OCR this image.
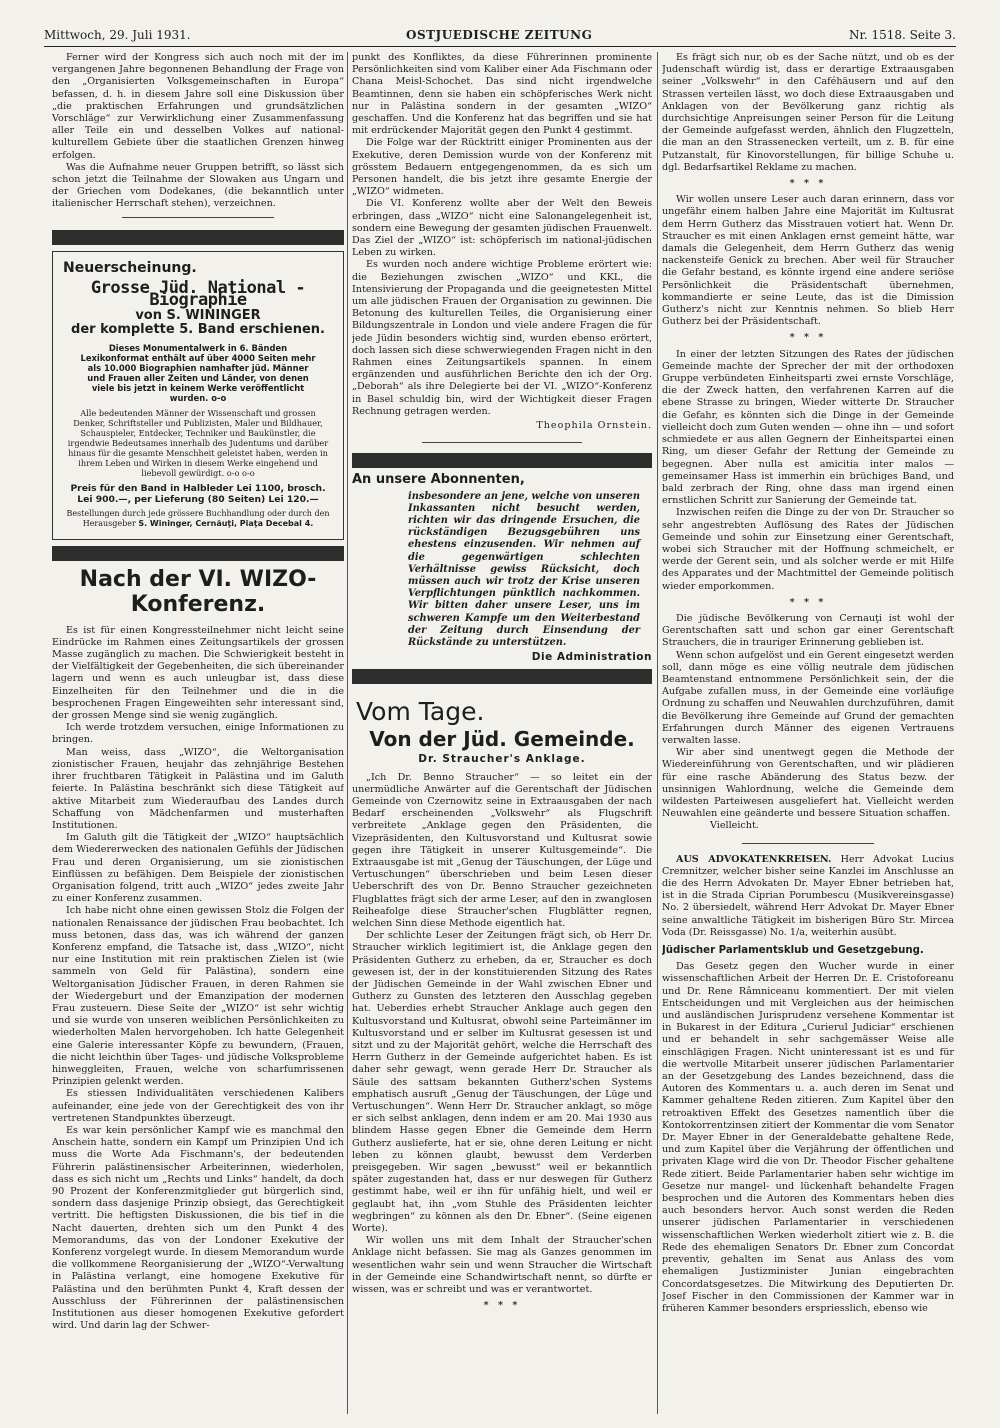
Mittwoch, 29. Juli 1931.	OSTJUEDISCHE ZEITUNG	Nr. 1518. Seite 3.

Ferner wird der Kongress sich auch noch mit der im vergangenen Jahre begonnenen Behandlung der Frage von den „Organisierten Volksgemeinschaften in Europa“ befassen, d. h. in diesem Jahre soll eine Diskussion über „die praktischen Erfahrungen und grundsätzlichen Vorschläge“ zur Verwirklichung einer Zusammenfassung aller Teile ein und desselben Volkes auf national-kulturellem Gebiete über die staatlichen Grenzen hinweg erfolgen.

Was die Aufnahme neuer Gruppen betrifft, so lässt sich schon jetzt die Teilnahme der Slowaken aus Ungarn und der Griechen vom Dodekanes, (die bekanntlich unter italienischer Herrschaft stehen), verzeichnen.

Neuerscheinung.
Grosse Jüd. National - Biographie
von S. WININGER
der komplette 5. Band erschienen.
Dieses Monumentalwerk in 6. Bänden Lexikonformat enthält auf über 4000 Seiten mehr als 10.000 Biographien namhafter jüd. Männer und Frauen aller Zeiten und Länder, von denen viele bis jetzt in keinem Werke veröffentlicht wurden. o-o
Alle bedeutenden Männer der Wissenschaft und grossen Denker, Schriftsteller und Publizisten, Maler und Bildhauer, Schauspieler, Entdecker, Techniker und Baukünstler, die irgendwie Bedeutsames innerhalb des Judentums und darüber hinaus für die gesamte Menschheit geleistet haben, werden in ihrem Leben und Wirken in diesem Werke eingehend und liebevoll gewürdigt. o-o o-o
Preis für den Band in Halbleder Lei 1100, brosch. Lei 900.—, per Lieferung (80 Seiten) Lei 120.—
Bestellungen durch jede grössere Buchhandlung oder durch den Herausgeber S. Wininger, Cernăuţi, Piaţa Decebal 4.
Nach der VI. WIZO-Konferenz.

Es ist für einen Kongressteilnehmer nicht leicht seine Eindrücke im Rahmen eines Zeitungsartikels der grossen Masse zugänglich zu machen. Die Schwierigkeit besteht in der Vielfältigkeit der Gegebenheiten, die sich übereinander lagern und wenn es auch unleugbar ist, dass diese Einzelheiten für den Teilnehmer und die in die besprochenen Fragen Eingeweihten sehr interessant sind, der grossen Menge sind sie wenig zugänglich.

Ich werde trotzdem versuchen, einige Informationen zu bringen.

Man weiss, dass „WIZO“, die Weltorganisation zionistischer Frauen, heujahr das zehnjährige Bestehen ihrer fruchtbaren Tätigkeit in Palästina und im Galuth feierte. In Palästina beschränkt sich diese Tätigkeit auf aktive Mitarbeit zum Wiederaufbau des Landes durch Schaffung von Mädchenfarmen und musterhaften Institutionen.

Im Galuth gilt die Tätigkeit der „WIZO“ hauptsächlich dem Wiedererwecken des nationalen Gefühls der Jüdischen Frau und deren Organisierung, um sie zionistischen Einflüssen zu befähigen. Dem Beispiele der zionistischen Organisation folgend, tritt auch „WIZO“ jedes zweite Jahr zu einer Konferenz zusammen.

Ich habe nicht ohne einen gewissen Stolz die Folgen der nationalen Renaissance der jüdischen Frau beobachtet. Ich muss betonen, dass das, was ich während der ganzen Konferenz empfand, die Tatsache ist, dass „WIZO“, nicht nur eine Institution mit rein praktischen Zielen ist (wie sammeln von Geld für Palästina), sondern eine Weltorganisation Jüdischer Frauen, in deren Rahmen sie der Wiedergeburt und der Emanzipation der modernen Frau zusteuern. Diese Seite der „WIZO“ ist sehr wichtig und sie wurde von unseren weiblichen Persönlichkeiten zu wiederholten Malen hervorgehoben. Ich hatte Gelegenheit eine Galerie interessanter Köpfe zu bewundern, (Frauen, die nicht leichthin über Tages- und jüdische Volksprobleme hinweggleiten, Frauen, welche von scharfumrissenen Prinzipien gelenkt werden.

Es stiessen Individualitäten verschiedenen Kalibers aufeinander, eine jede von der Gerechtigkeit des von ihr vertretenen Standpunktes überzeugt.

Es war kein persönlicher Kampf wie es manchmal den Anschein hatte, sondern ein Kampf um Prinzipien Und ich muss die Worte Ada Fischmann's, der bedeutenden Führerin palästinensischer Arbeiterinnen, wiederholen, dass es sich nicht um „Rechts und Links“ handelt, da doch 90 Prozent der Konferenzmitglieder gut bürgerlich sind, sondern dass dasjenige Prinzip obsiegt, das Gerechtigkeit vertritt. Die heftigsten Diskussionen, die bis tief in die Nacht dauerten, drehten sich um den Punkt 4 des Memorandums, das von der Londoner Exekutive der Konferenz vorgelegt wurde. In diesem Memorandum wurde die vollkommene Reorganisierung der „WIZO“-Verwaltung in Palästina verlangt, eine homogene Exekutive für Palästina und den berühmten Punkt 4, Kraft dessen der Ausschluss der Führerinnen der palästinensischen Institutionen aus dieser homogenen Exekutive gefordert wird. Und darin lag der Schwer-

punkt des Konfliktes, da diese Führerinnen prominente Persönlichkeiten sind vom Kaliber einer Ada Fischmann oder Chana Meisl-Schochet. Das sind nicht irgendwelche Beamtinnen, denn sie haben ein schöpferisches Werk nicht nur in Palästina sondern in der gesamten „WIZO“ geschaffen. Und die Konferenz hat das begriffen und sie hat mit erdrückender Majorität gegen den Punkt 4 gestimmt.

Die Folge war der Rücktritt einiger Prominenten aus der Exekutive, deren Demission wurde von der Konferenz mit grösstem Bedauern entgegengenommen, da es sich um Personen handelt, die bis jetzt ihre gesamte Energie der „WIZO“ widmeten.

Die VI. Konferenz wollte aber der Welt den Beweis erbringen, dass „WIZO“ nicht eine Salonangelegenheit ist, sondern eine Bewegung der gesamten jüdischen Frauenwelt. Das Ziel der „WIZO“ ist: schöpferisch im national-jüdischen Leben zu wirken.

Es wurden noch andere wichtige Probleme erörtert wie: die Beziehungen zwischen „WIZO“ und KKL, die Intensivierung der Propaganda und die geeignetesten Mittel um alle jüdischen Frauen der Organisation zu gewinnen. Die Betonung des kulturellen Teiles, die Organisierung einer Bildungszentrale in London und viele andere Fragen die für jede Jüdin besonders wichtig sind, wurden ebenso erörtert, doch lassen sich diese schwerwiegenden Fragen nicht in den Rahmen eines Zeitungsartikels spannen. In einem ergänzenden und ausführlichen Berichte den ich der Org. „Deborah“ als ihre Delegierte bei der VI. „WIZO“-Konferenz in Basel schuldig bin, wird der Wichtigkeit dieser Fragen Rechnung getragen werden.

Theophila Ornstein.
An unsere Abonnenten,
insbesondere an jene, welche von unseren Inkassanten nicht besucht werden, richten wir das dringende Ersuchen, die rückständigen Bezugsgebühren uns ehestens einzusenden. Wir nehmen auf die gegenwärtigen schlechten Verhältnisse gewiss Rücksicht, doch müssen auch wir trotz der Krise unseren Verpflichtungen pünktlich nachkommen. Wir bitten daher unsere Leser, uns im schweren Kampfe um den Weiterbestand der Zeitung durch Einsendung der Rückstände zu unterstützen.
Die Administration
Vom Tage.
Von der Jüd. Gemeinde.
Dr. Straucher's Anklage.

„Ich Dr. Benno Straucher“ — so leitet ein der unermüdliche Anwärter auf die Gerentschaft der Jüdischen Gemeinde von Czernowitz seine in Extraausgaben der nach Bedarf erscheinenden „Volkswehr“ als Flugschrift verbreitete „Anklage gegen den Präsidenten, die Vizepräsidenten, den Kultusvorstand und Kultusrat sowie gegen ihre Tätigkeit in unserer Kultusgemeinde“. Die Extraausgabe ist mit „Genug der Täuschungen, der Lüge und Vertuschungen“ überschrieben und beim Lesen dieser Ueberschrift des von Dr. Benno Straucher gezeichneten Flugblattes frägt sich der arme Leser, auf den in zwanglosen Reiheafolge diese Straucher'schen Flugblätter regnen, welchen Sinn diese Methode eigentlich hat.

Der schlichte Leser der Zeitungen frägt sich, ob Herr Dr. Straucher wirklich legitimiert ist, die Anklage gegen den Präsidenten Gutherz zu erheben, da er, Straucher es doch gewesen ist, der in der konstituierenden Sitzung des Rates der Jüdischen Gemeinde in der Wahl zwischen Ebner und Gutherz zu Gunsten des letzteren den Ausschlag gegeben hat. Ueberdies erhebt Straucher Anklage auch gegen den Kultusvorstand und Kultusrat, obwohl seine Parteimänner im Kultusvorstand und er selber im Kultusrat gesessen ist und sitzt und zu der Majorität gehört, welche die Herrschaft des Herrn Gutherz in der Gemeinde aufgerichtet haben. Es ist daher sehr gewagt, wenn gerade Herr Dr. Straucher als Säule des sattsam bekannten Gutherz'schen Systems emphatisch ausruft „Genug der Täuschungen, der Lüge und Vertuschungen“. Wenn Herr Dr. Straucher anklagt, so möge er sich selbst anklagen, denn indem er am 20. Mai 1930 aus blindem Hasse gegen Ebner die Gemeinde dem Herrn Gutherz auslieferte, hat er sie, ohne deren Leitung er nicht leben zu können glaubt, bewusst dem Verderben preisgegeben. Wir sagen „bewusst“ weil er bekanntlich später zugestanden hat, dass er nur deswegen für Gutherz gestimmt habe, weil er ihn für unfähig hielt, und weil er geglaubt hat, ihn „vom Stuhle des Präsidenten leichter wegbringen“ zu können als den Dr. Ebner“. (Seine eigenen Worte).

Wir wollen uns mit dem Inhalt der Straucher'schen Anklage nicht befassen. Sie mag als Ganzes genommen im wesentlichen wahr sein und wenn Straucher die Wirtschaft in der Gemeinde eine Schandwirtschaft nennt, so dürfte er wissen, was er schreibt und was er verantwortet.

* * *

Es frägt sich nur, ob es der Sache nützt, und ob es der Judenschaft würdig ist, dass er derartige Extraausgaben seiner „Volkswehr“ in den Caféhäusern und auf den Strassen verteilen lässt, wo doch diese Extraausgaben und Anklagen von der Bevölkerung ganz richtig als durchsichtige Anpreisungen seiner Person für die Leitung der Gemeinde aufgefasst werden, ähnlich den Flugzetteln, die man an den Strassenecken verteilt, um z. B. für eine Putzanstalt, für Kinovorstellungen, für billige Schuhe u. dgl. Bedarfsartikel Reklame zu machen.

* * *

Wir wollen unsere Leser auch daran erinnern, dass vor ungefähr einem halben Jahre eine Majorität im Kultusrat dem Herrn Gutherz das Misstrauen votiert hat. Wenn Dr. Straucher es mit einen Anklagen ernst gemeint hätte, war damals die Gelegenheit, dem Herrn Gutherz das wenig nackensteife Genick zu brechen. Aber weil für Straucher die Gefahr bestand, es könnte irgend eine andere seriöse Persönlichkeit die Präsidentschaft übernehmen, kommandierte er seine Leute, das ist die Dimission Gutherz's nicht zur Kenntnis nehmen. So blieb Herr Gutherz bei der Präsidentschaft.

* * *

In einer der letzten Sitzungen des Rates der jüdischen Gemeinde machte der Sprecher der mit der orthodoxen Gruppe verbündeten Einheitsparti zwei ernste Vorschläge, die der Zweck hatten, den verfahrenen Karren auf die ebene Strasse zu bringen, Wieder witterte Dr. Straucher die Gefahr, es könnten sich die Dinge in der Gemeinde vielleicht doch zum Guten wenden — ohne ihn — und sofort schmiedete er aus allen Gegnern der Einheitspartei einen Ring, um dieser Gefahr der Rettung der Gemeinde zu begegnen. Aber nulla est amicitia inter malos — gemeinsamer Hass ist immerhin ein brüchiges Band, und bald zerbrach der Ring, ohne dass man irgend einen ernstlichen Schritt zur Sanierung der Gemeinde tat.

Inzwischen reifen die Dinge zu der von Dr. Straucher so sehr angestrebten Auflösung des Rates der Jüdischen Gemeinde und sohin zur Einsetzung einer Gerentschaft, wobei sich Straucher mit der Hoffnung schmeichelt, er werde der Gerent sein, und als solcher werde er mit Hilfe des Apparates und der Machtmittel der Gemeinde politisch wieder emporkommen.

* * *

Die jüdische Bevölkerung von Cernauţi ist wohl der Gerentschaften satt und schon gar einer Gerentschaft Strauchers, die in trauriger Erinnerung geblieben ist.

Wenn schon aufgelöst und ein Gerent eingesetzt werden soll, dann möge es eine völlig neutrale dem jüdischen Beamtenstand entnommene Persönlichkeit sein, der die Aufgabe zufallen muss, in der Gemeinde eine vorläufige Ordnung zu schaffen und Neuwahlen durchzuführen, damit die Bevölkerung ihre Gemeinde auf Grund der gemachten Erfahrungen durch Männer des eigenen Vertrauens verwalten lasse.

Wir aber sind unentwegt gegen die Methode der Wiedereinführung von Gerentschaften, und wir plädieren für eine rasche Abänderung des Status bezw. der unsinnigen Wahlordnung, welche die Gemeinde dem wildesten Parteiwesen ausgeliefert hat. Vielleicht werden Neuwahlen eine geänderte und bessere Situation schaffen.

Vielleicht.

AUS ADVOKATENKREISEN. Herr Advokat Lucius Cremnitzer, welcher bisher seine Kanzlei im Anschlusse an die des Herrn Advokaten Dr. Mayer Ebner betrieben hat, ist in die Strada Ciprian Porumbescu (Musikvereinsgasse) No. 2 übersiedelt, während Herr Advokat Dr. Mayer Ebner seine anwaltliche Tätigkeit im bisherigen Büro Str. Mircea Voda (Dr. Reissgasse) No. 1/a, weiterhin ausübt.

Jüdischer Parlamentsklub und Gesetzgebung.

Das Gesetz gegen den Wucher wurde in einer wissenschaftlichen Arbeit der Herren Dr. E. Cristoforeanu und Dr. Rene Râmniceanu kommentiert. Der mit vielen Entscheidungen und mit Vergleichen aus der heimischen und ausländischen Jurisprudenz versehene Kommentar ist in Bukarest in der Editura „Curierul Judiciar“ erschienen und er behandelt in sehr sachgemässer Weise alle einschlägigen Fragen. Nicht uninteressant ist es und für die wertvolle Mitarbeit unserer jüdischen Parlamentarier an der Gesetzgebung des Landes bezeichnend, dass die Autoren des Kommentars u. a. auch deren im Senat und Kammer gehaltene Reden zitieren. Zum Kapitel über den retroaktiven Effekt des Gesetzes namentlich über die Kontokorrentzinsen zitiert der Kommentar die vom Senator Dr. Mayer Ebner in der Generaldebatte gehaltene Rede, und zum Kapitel über die Verjährung der öffentlichen und privaten Klage wird die von Dr. Theodor Fischer gehaltene Rede zitiert. Beide Parlamentarier haben sehr wichtige im Gesetze nur mangel- und lückenhaft behandelte Fragen besprochen und die Autoren des Kommentars heben dies auch besonders hervor. Auch sonst werden die Reden unserer jüdischen Parlamentarier in verschiedenen wissenschaftlichen Werken wiederholt zitiert wie z. B. die Rede des ehemaligen Senators Dr. Ebner zum Concordat preventiv, gehalten im Senat aus Anlass des vom ehemaligen Justizminister Junian eingebrachten Concordatsgesetzes. Die Mitwirkung des Deputierten Dr. Josef Fischer in den Commissionen der Kammer war in früheren Kammer besonders erspriesslich, ebenso wie
